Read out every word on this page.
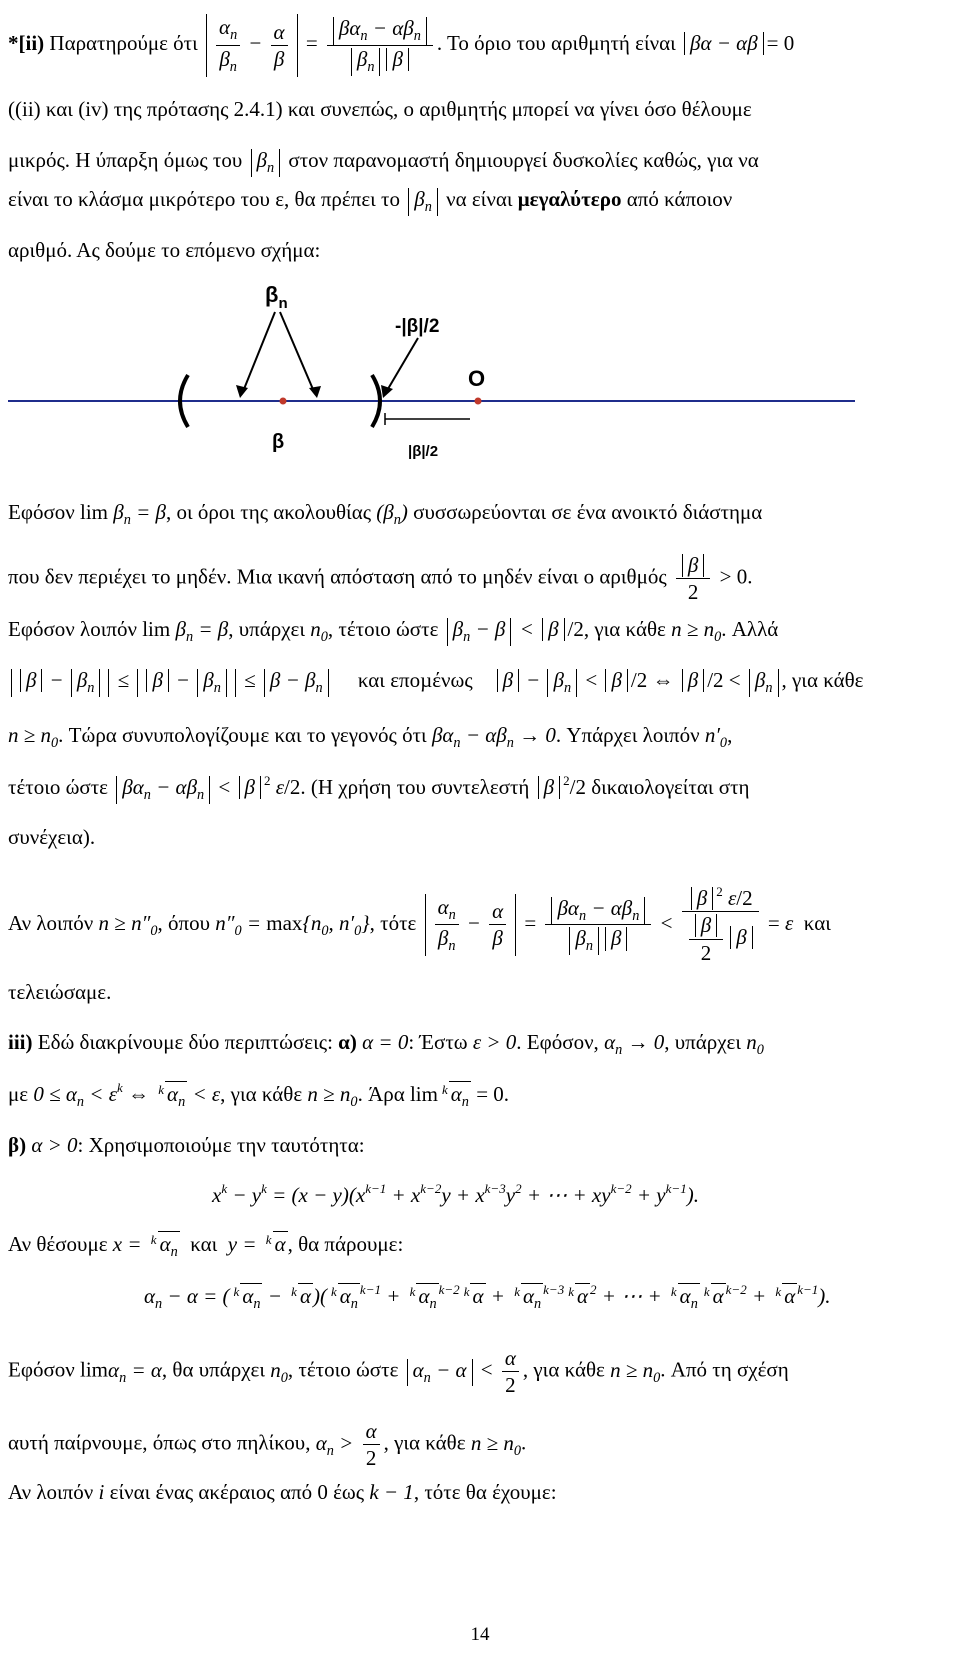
*[ii) Παρατηρούμε ότι $\frac{\alpha_n}{\beta_n} - \frac{\alpha}{\beta} = \frac{\beta\alpha_n - \alpha\beta_n}{\beta_n \beta}$ . Το όριο του αριθμητή είναι βα − αβ = 0
((ii) και (iv) της πρότασης 2.4.1) και συνεπώς, ο αριθμητής μπορεί να γίνει όσο θέλουμε
μικρός. Η ύπαρξη όμως του $\beta_n$ στον παρανομαστή δημιουργεί δυσκολίες καθώς, για να
είναι το κλάσμα μικρότερο του ε, θα πρέπει το $\beta_n$ να είναι μεγαλύτερο από κάποιον
αριθμό. Ας δούμε το επόμενο σχήμα:
$\beta_n$
-|β|/2
O
β	|β|/2
Εφόσον $\lim \beta_n = \beta$, οι όροι της ακολουθίας $(\beta_n)$ συσσωρεύονται σε ένα ανοικτό διάστημα
που δεν περιέχει το μηδέν. Μια ικανή απόσταση από το μηδέν είναι ο αριθμός $\frac{\beta}{2} > 0$.
Εφόσον λοιπόν $\lim \beta_n = \beta$, υπάρχει $n_0$, τέτοιο ώστε $\beta_n - \beta < \beta$ /2, για κάθε $n \ge n_0$. Αλλά
$\beta - \beta_n \le \beta - \beta_n \le \beta - \beta_n$ και εποµένως $\beta - \beta_n < \beta$ /2 ⇔ β $/2 < \beta_n$ , για κάθε
$n \ge n_0$. Τώρα συνυπολογίζουμε και το γεγονός ότι $\beta\alpha_n - \alpha\beta_n \to 0$. Υπάρχει λοιπόν $n'_0$,
τέτοιο ώστε $\beta\alpha_n - \alpha\beta_n < \beta$ $^2$ ε/2. (Η χρήση του συντελεστή β $^2$/2 δικαιολογείται στη
συνέχεια).
Αν λοιπόν $n \ge n''_0$, όπου $n''_0 = \max\{n_0$, $n'_0$}, τότε $\frac{\alpha_n}{\beta_n} - \frac{\alpha}{\beta} = \frac{\beta\alpha_n - \alpha\beta_n}{\beta_n \beta} < \frac{\beta ^2 \varepsilon/2}{\frac{\beta}{2} \beta} = \varepsilon$ και
τελειώσαμε.
iii) Εδώ διακρίνουμε δύο περιπτώσεις: α) α = 0: Έστω ε > 0. Εφόσον, $\alpha_n \to 0$, υπάρχει $n_0$
με $0 \le \alpha_n < \varepsilon^k$ ⇔ $^k$ $\alpha_n < \varepsilon$, για κάθε $n \ge n_0$. Άρα lim $^k$ $\alpha_n = 0$.
β) α > 0: Χρησιμοποιούμε την ταυτότητα:
$x^k - y^k = (x - y)(x^{k-1} + x^{k-2}y + x^{k-3}y^2$ + ⋯ + $xy^{k-2} + y^{k-1}$).
Αν θέσουμε x = $^k$ $\alpha_n$ και y = $^k$ α, θα πάρουμε:
$\alpha_n - \alpha$ = ( $^k$ $\alpha_n - ^k$ α)( $^k$ $\alpha_n^{k-1} + ^k$ $\alpha_n^{k-2}$ $^k$ α + $^k$ $\alpha_n^{k-3}$ $^k$ α $^2$ + ⋯ + $^k$ $\alpha_n^k$ α $^{k-2}$ + $^k$ α $^{k-1}$).
Εφόσον limα$_n$ = α, θα υπάρχει $n_0$, τέτοιο ώστε $\alpha_n - \alpha < \frac{\alpha}{2}$ , για κάθε $n \ge n_0$. Από τη σχέση
αυτή παίρνουμε, όπως στο πηλίκου, $\alpha_n > \frac{\alpha}{2}$ , για κάθε $n \ge n_0$.
Αν λοιπόν i είναι ένας ακέραιος από 0 έως k − 1, τότε θα έχουμε:
14
